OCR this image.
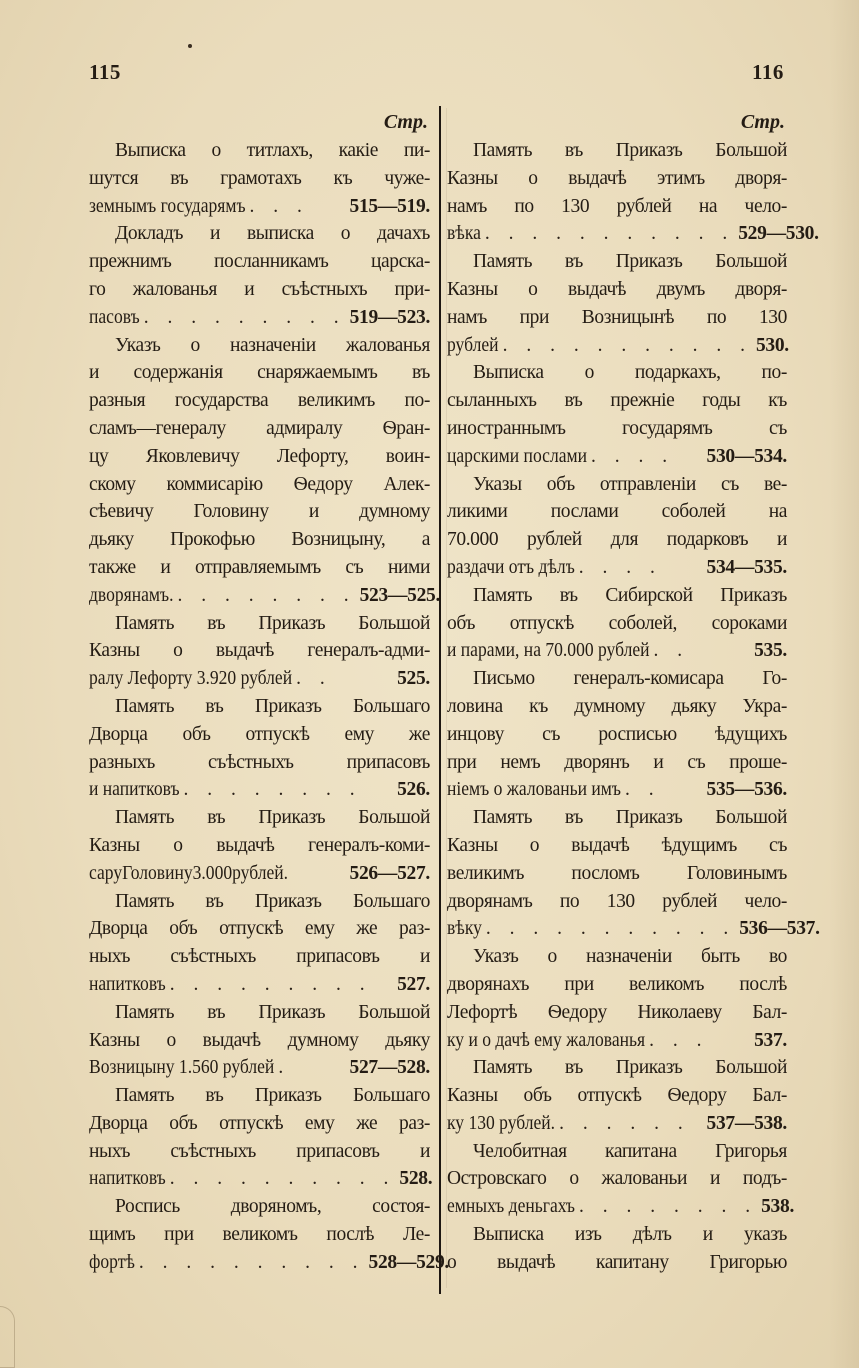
115	116
Стр.
Выписка о титлахъ, какіе пи-
шутся въ грамотахъ къ чуже-
земнымъ государямъ . . .	515—519.
Докладъ и выписка о дачахъ
прежнимъ посланникамъ царска-
го жалованья и съѣстныхъ при-
пасовъ . . . . . . . . . 519—523.
Указъ о назначеніи жалованья
и содержанія снаряжаемымъ въ
разныя государства великимъ по-
сламъ—генералу адмиралу Ѳран-
цу Яковлевичу Лефорту, воин-
скому коммисарію Ѳедору Алек-
сѣевичу Головину и думному
дьяку Прокофью Возницыну, а
также и отправляемымъ съ ними
дворянамъ. . . . . . . . . 523—525.
Память въ Приказъ Большой
Казны о выдачѣ генералъ-адми-
ралу Лефорту 3.920 рублей . .	525.
Память въ Приказъ Большаго
Дворца объ отпускѣ ему же
разныхъ съѣстныхъ припасовъ
и напитковъ . . . . . . . .	526.
Память въ Приказъ Большой
Казны о выдачѣ генералъ-коми-
саруГоловину3.000рублей.	526—527.
Память въ Приказъ Большаго
Дворца объ отпускѣ ему же раз-
ныхъ съѣстныхъ припасовъ и
напитковъ . . . . . . . . .	527.
Память въ Приказъ Большой
Казны о выдачѣ думному дьяку
Возницыну 1.560 рублей .	527—528.
Память въ Приказъ Большаго
Дворца объ отпускѣ ему же раз-
ныхъ съѣстныхъ припасовъ и
напитковъ . . . . . . . . . . 528.
Роспись дворяномъ, состоя-
щимъ при великомъ послѣ Ле-
фортѣ . . . . . . . . . . 528—529.
Стр.
Память въ Приказъ Большой
Казны о выдачѣ этимъ дворя-
намъ по 130 рублей на чело-
вѣка . . . . . . . . . . . 529—530.
Память въ Приказъ Большой
Казны о выдачѣ двумъ дворя-
намъ при Возницынѣ по 130
рублей . . . . . . . . . . . 530.
Выписка о подаркахъ, по-
сыланныхъ въ прежніе годы къ
иностраннымъ государямъ съ
царскими послами . . . .	530—534.
Указы объ отправленіи съ ве-
ликими послами соболей на
70.000 рублей для подарковъ и
раздачи отъ дѣлъ . . . .	534—535.
Память въ Сибирской Приказъ
объ отпускѣ соболей, сороками
и парами, на 70.000 рублей . .	535.
Письмо генералъ-комисара Го-
ловина къ думному дьяку Укра-
инцову съ росписью ѣдущихъ
при немъ дворянъ и съ проше-
ніемъ о жалованьи имъ . .	535—536.
Память въ Приказъ Большой
Казны о выдачѣ ѣдущимъ съ
великимъ посломъ Головинымъ
дворянамъ по 130 рублей чело-
вѣку . . . . . . . . . . . 536—537.
Указъ о назначеніи быть во
дворянахъ при великомъ послѣ
Лефортѣ Ѳедору Николаеву Бал-
ку и о дачѣ ему жалованья . . .	537.
Память въ Приказъ Большой
Казны объ отпускѣ Ѳедору Бал-
ку 130 рублей. . . . . . . 537—538.
Челобитная капитана Григорья
Островскаго о жалованьи и подъ-
емныхъ деньгахъ . . . . . . . . 538.
Выписка изъ дѣлъ и указъ
о выдачѣ капитану Григорью
